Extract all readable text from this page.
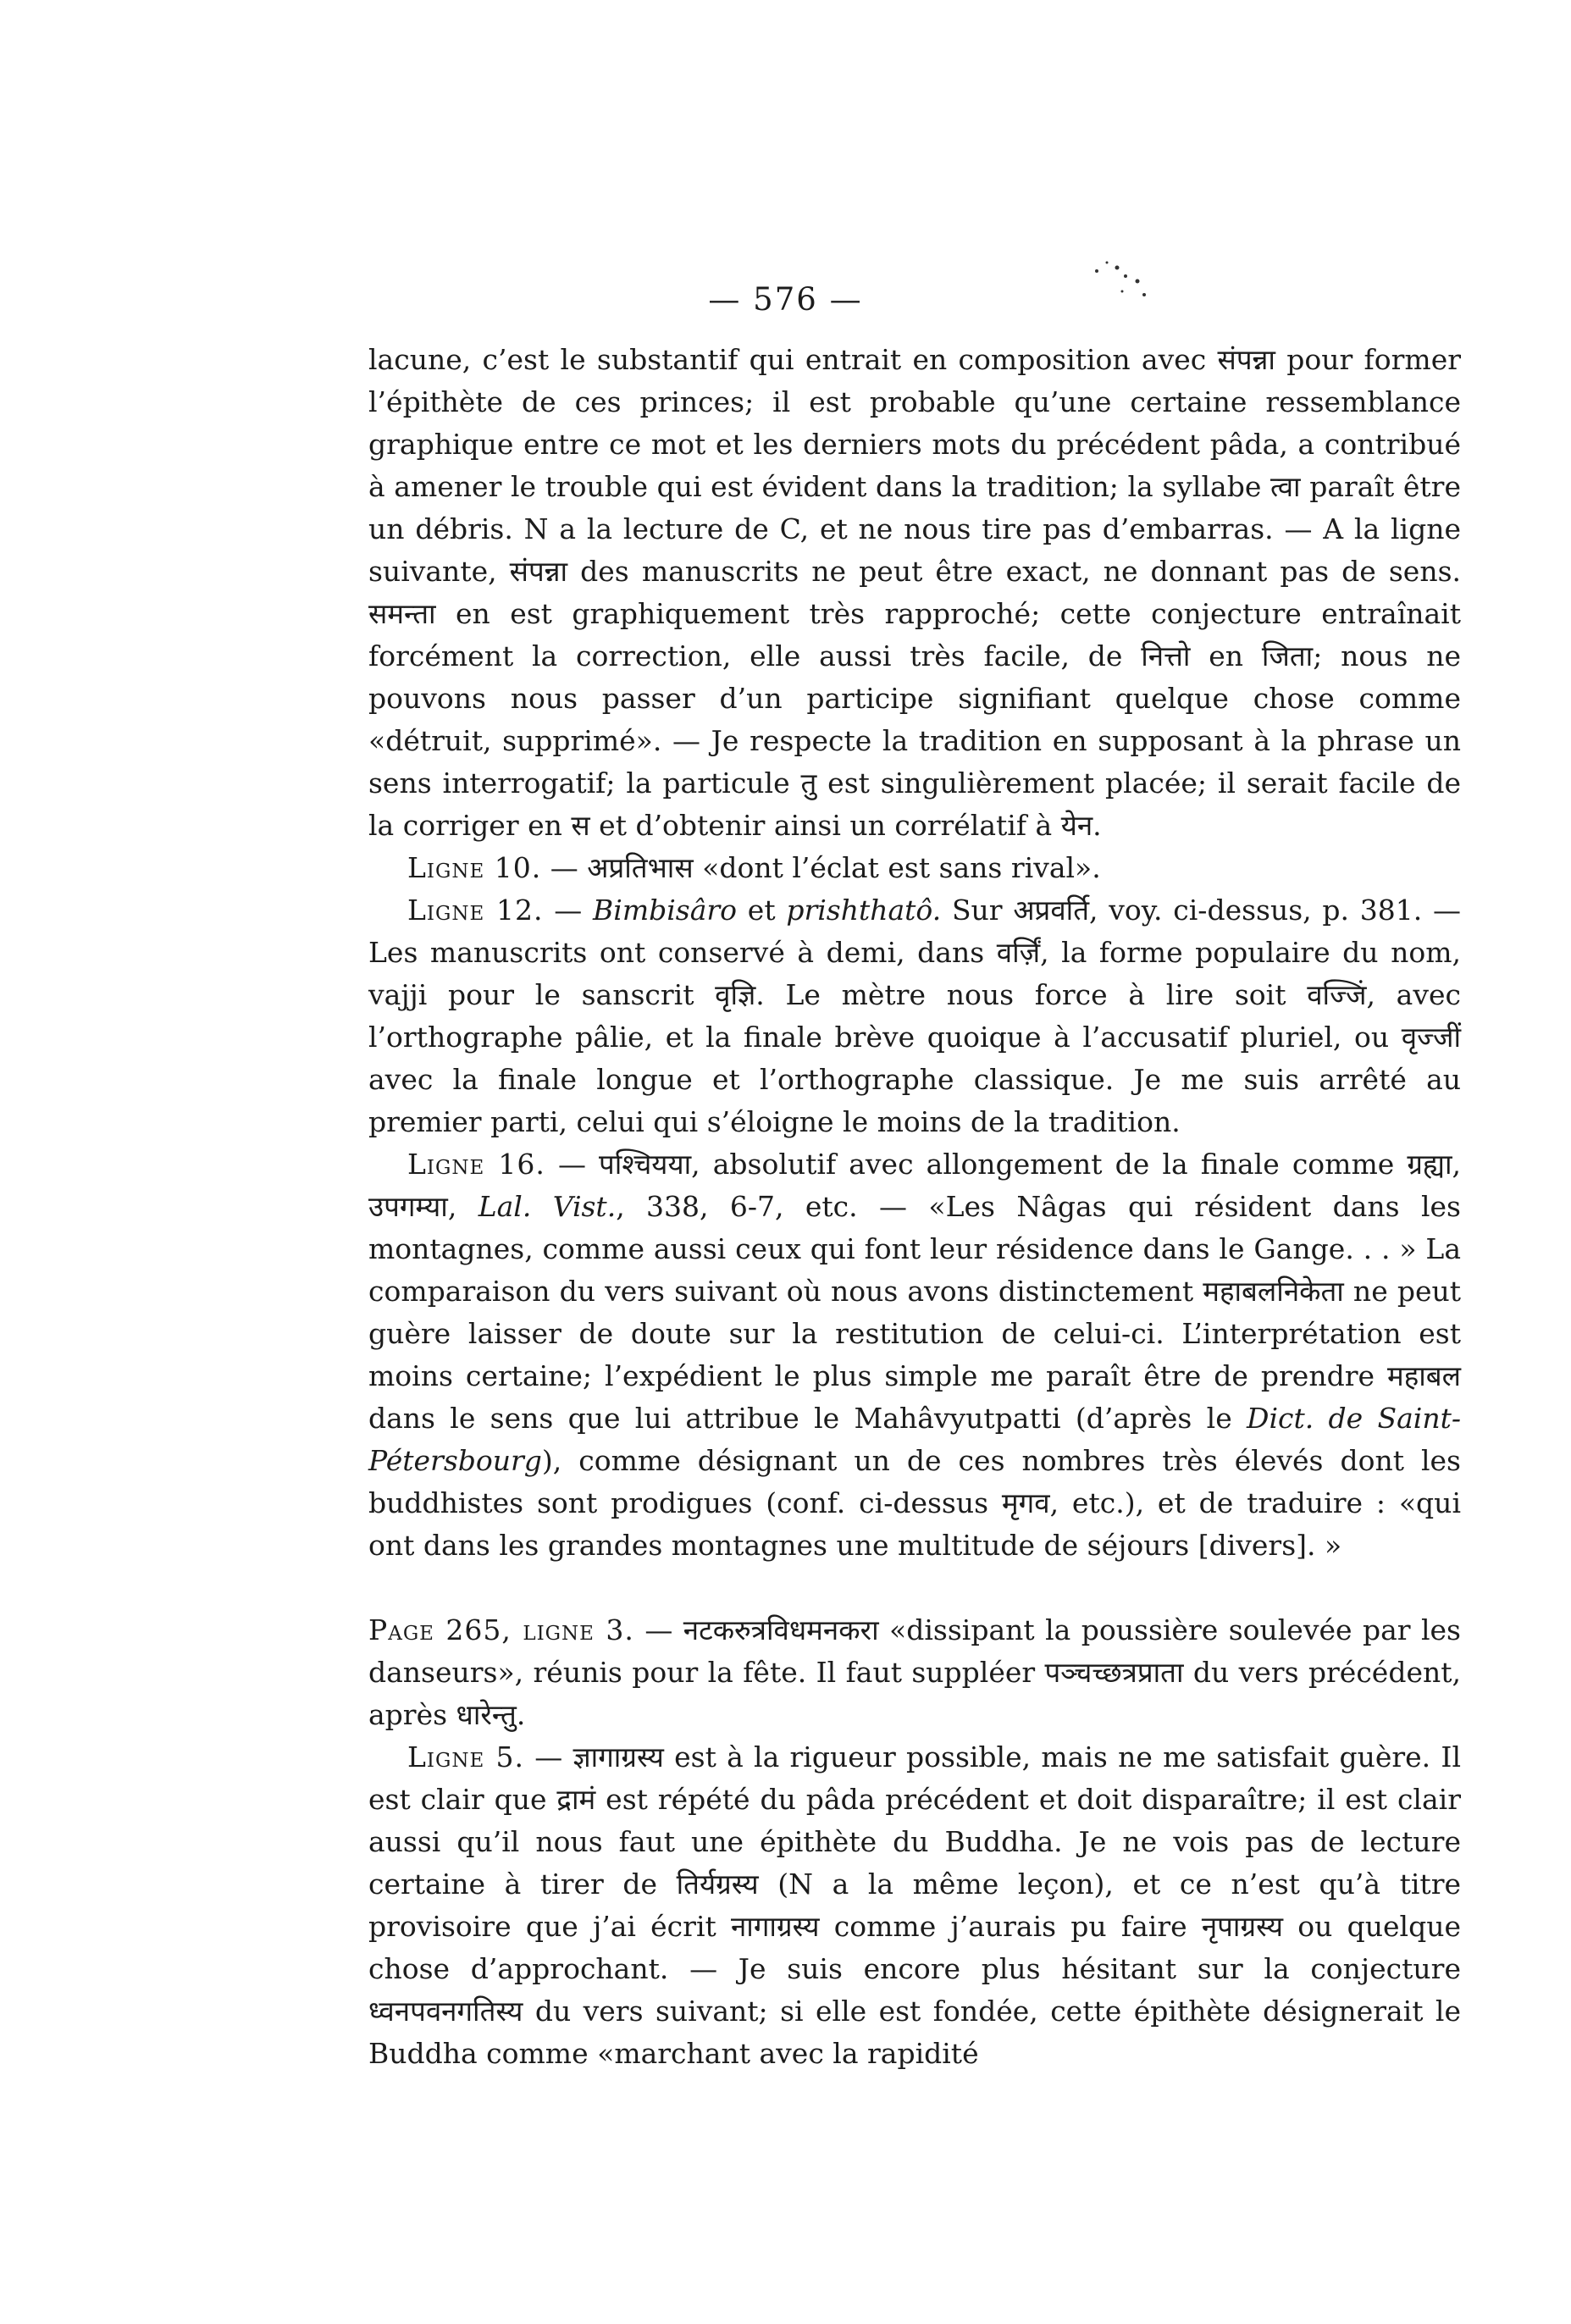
— 576 —

lacune, c’est le substantif qui entrait en composition avec संपन्ना pour former l’épithète de ces princes; il est probable qu’une certaine ressemblance graphique entre ce mot et les derniers mots du précédent pâda, a contribué à amener le trouble qui est évident dans la tradition; la syllabe त्वा paraît être un débris. N a la lecture de C, et ne nous tire pas d’embarras. — A la ligne suivante, संपन्ना des manuscrits ne peut être exact, ne donnant pas de sens. समन्ता en est graphiquement très rapproché; cette conjecture entraînait forcément la correction, elle aussi très facile, de नित्तो en जिता; nous ne pouvons nous passer d’un participe signifiant quelque chose comme «détruit, supprimé». — Je respecte la tradition en supposant à la phrase un sens interrogatif; la particule तु est singulièrement placée; il serait facile de la corriger en स et d’obtenir ainsi un corrélatif à येन.

Ligne 10. — अप्रतिभास «dont l’éclat est sans rival».

Ligne 12. — Bimbisâro et prishthatô. Sur अप्रवर्ति, voy. ci-dessus, p. 381. — Les manuscrits ont conservé à demi, dans वर्ज़िं, la forme populaire du nom, vajji pour le sanscrit वृज्ञि. Le mètre nous force à lire soit वज्जिं, avec l’orthographe pâlie, et la finale brève quoique à l’accusatif pluriel, ou वृज्जीं avec la finale longue et l’orthographe classique. Je me suis arrêté au premier parti, celui qui s’éloigne le moins de la tradition.

Ligne 16. — पश्चियया, absolutif avec allongement de la finale comme ग्रह्या, उपगम्या, Lal. Vist., 338, 6-7, etc. — «Les Nâgas qui résident dans les montagnes, comme aussi ceux qui font leur résidence dans le Gange. . . » La comparaison du vers suivant où nous avons distinctement महाबलनिकेता ne peut guère laisser de doute sur la restitution de celui-ci. L’interprétation est moins certaine; l’expédient le plus simple me paraît être de prendre महाबल dans le sens que lui attribue le Mahâvyutpatti (d’après le Dict. de Saint-Pétersbourg), comme désignant un de ces nombres très élevés dont les buddhistes sont prodigues (conf. ci-dessus मृगव, etc.), et de traduire : «qui ont dans les grandes montagnes une multitude de séjours [divers]. »

Page 265, ligne 3. — नटकरुत्रविधमनकरा «dissipant la poussière soulevée par les danseurs», réunis pour la fête. Il faut suppléer पञ्चच्छत्रप्राता du vers précédent, après धारेन्तु.

Ligne 5. — ज्ञागाग्रस्य est à la rigueur possible, mais ne me satisfait guère. Il est clair que द्रामं est répété du pâda précédent et doit disparaître; il est clair aussi qu’il nous faut une épithète du Buddha. Je ne vois pas de lecture certaine à tirer de तिर्यग्रस्य (N a la même leçon), et ce n’est qu’à titre provisoire que j’ai écrit नागाग्रस्य comme j’aurais pu faire नृपाग्रस्य ou quelque chose d’approchant. — Je suis encore plus hésitant sur la conjecture ध्वनपवनगतिस्य du vers suivant; si elle est fondée, cette épithète désignerait le Buddha comme «marchant avec la rapidité
